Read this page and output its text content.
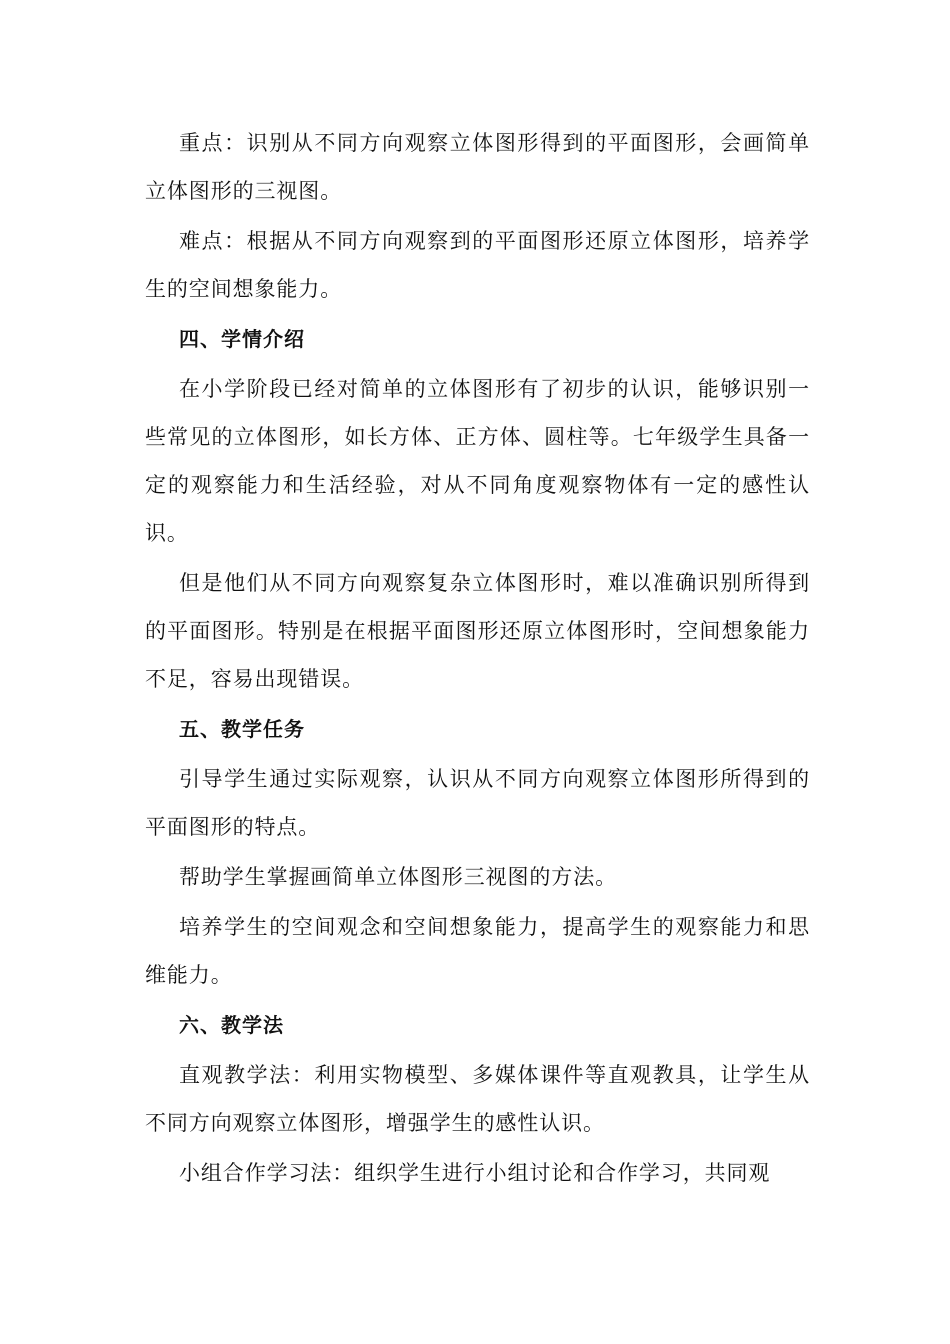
重点：识别从不同方向观察立体图形得到的平面图形，会画简单立体图形的三视图。

难点：根据从不同方向观察到的平面图形还原立体图形，培养学生的空间想象能力。

四、学情介绍

在小学阶段已经对简单的立体图形有了初步的认识，能够识别一些常见的立体图形，如长方体、正方体、圆柱等。七年级学生具备一定的观察能力和生活经验，对从不同角度观察物体有一定的感性认识。

但是他们从不同方向观察复杂立体图形时，难以准确识别所得到的平面图形。特别是在根据平面图形还原立体图形时，空间想象能力不足，容易出现错误。

五、教学任务

引导学生通过实际观察，认识从不同方向观察立体图形所得到的平面图形的特点。

帮助学生掌握画简单立体图形三视图的方法。

培养学生的空间观念和空间想象能力，提高学生的观察能力和思维能力。

六、教学法

直观教学法：利用实物模型、多媒体课件等直观教具，让学生从不同方向观察立体图形，增强学生的感性认识。

小组合作学习法：组织学生进行小组讨论和合作学习，共同观
